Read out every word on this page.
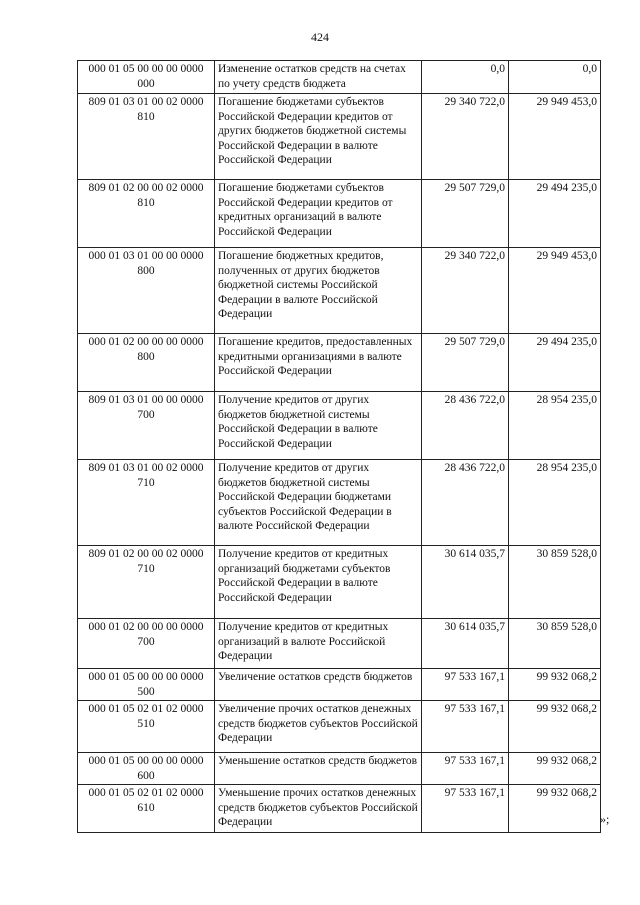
424
000 01 05 00 00 00 0000 000	Изменение остатков средств на счетах по учету средств бюджета	0,0	0,0
809 01 03 01 00 02 0000 810	Погашение бюджетами субъектов Российской Федерации кредитов от других бюджетов бюджетной системы Российской Федерации в валюте Российской Федерации	29 340 722,0	29 949 453,0
809 01 02 00 00 02 0000 810	Погашение бюджетами субъектов Российской Федерации кредитов от кредитных организаций в валюте Российской Федерации	29 507 729,0	29 494 235,0
000 01 03 01 00 00 0000 800	Погашение бюджетных кредитов, полученных от других бюджетов бюджетной системы Российской Федерации в валюте Российской Федерации	29 340 722,0	29 949 453,0
000 01 02 00 00 00 0000 800	Погашение кредитов, предоставленных кредитными организациями в валюте Российской Федерации	29 507 729,0	29 494 235,0
809 01 03 01 00 00 0000 700	Получение кредитов от других бюджетов бюджетной системы Российской Федерации в валюте Российской Федерации	28 436 722,0	28 954 235,0
809 01 03 01 00 02 0000 710	Получение кредитов от других бюджетов бюджетной системы Российской Федерации бюджетами субъектов Российской Федерации в валюте Российской Федерации	28 436 722,0	28 954 235,0
809 01 02 00 00 02 0000 710	Получение кредитов от кредитных организаций бюджетами субъектов Российской Федерации в валюте Российской Федерации	30 614 035,7	30 859 528,0
000 01 02 00 00 00 0000 700	Получение кредитов от кредитных организаций в валюте Российской Федерации	30 614 035,7	30 859 528,0
000 01 05 00 00 00 0000 500	Увеличение остатков средств бюджетов	97 533 167,1	99 932 068,2
000 01 05 02 01 02 0000 510	Увеличение прочих остатков денежных средств бюджетов субъектов Российской Федерации	97 533 167,1	99 932 068,2
000 01 05 00 00 00 0000 600	Уменьшение остатков средств бюджетов	97 533 167,1	99 932 068,2
000 01 05 02 01 02 0000 610	Уменьшение прочих остатков денежных средств бюджетов субъектов Российской Федерации	97 533 167,1	99 932 068,2
»;
